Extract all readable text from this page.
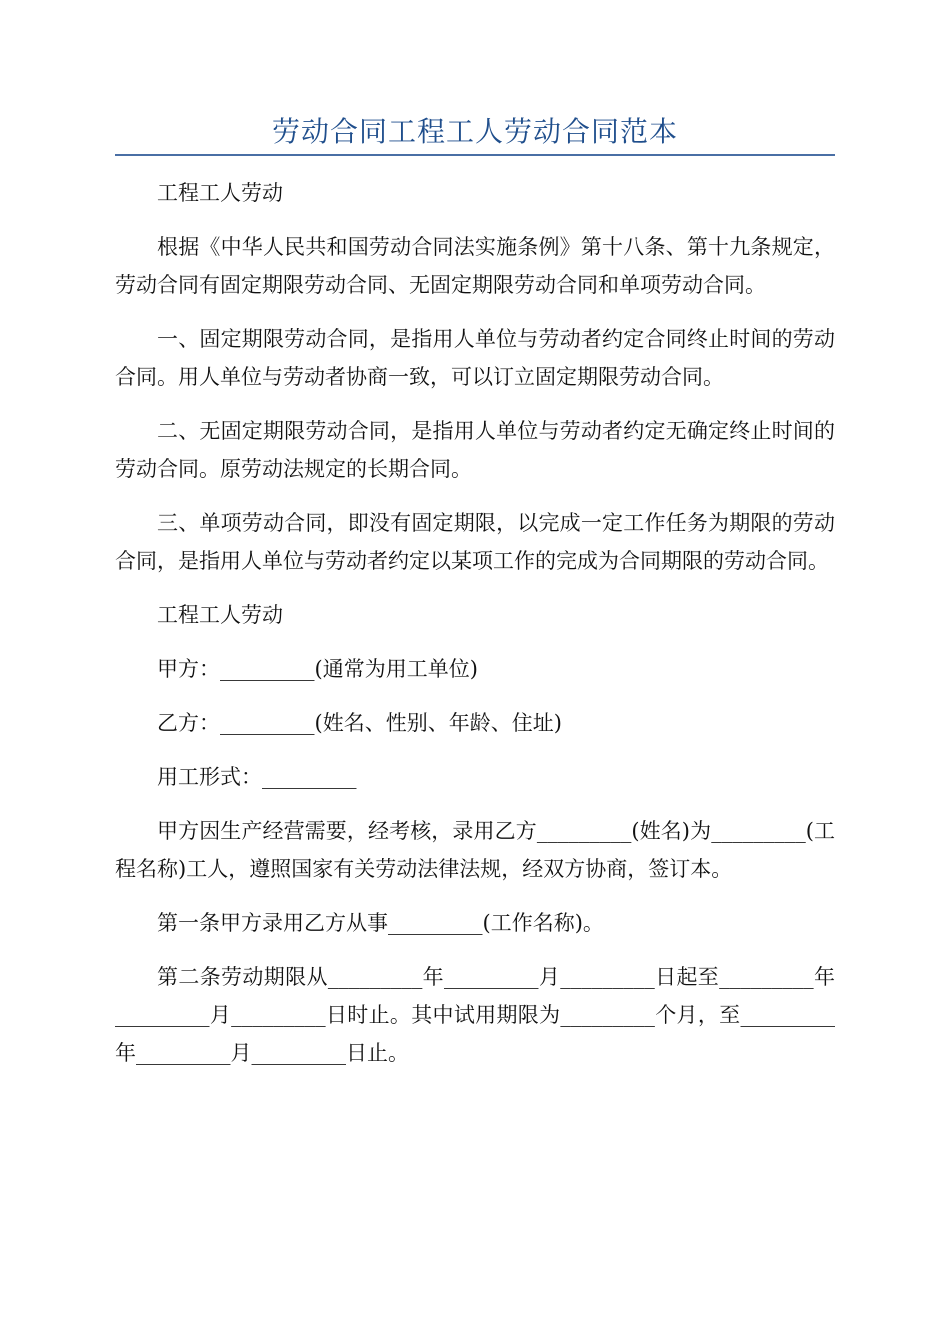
劳动合同工程工人劳动合同范本

工程工人劳动

根据《中华人民共和国劳动合同法实施条例》第十八条、第十九条规定，劳动合同有固定期限劳动合同、无固定期限劳动合同和单项劳动合同。

一、固定期限劳动合同，是指用人单位与劳动者约定合同终止时间的劳动合同。用人单位与劳动者协商一致，可以订立固定期限劳动合同。

二、无固定期限劳动合同，是指用人单位与劳动者约定无确定终止时间的劳动合同。原劳动法规定的长期合同。

三、单项劳动合同，即没有固定期限，以完成一定工作任务为期限的劳动合同，是指用人单位与劳动者约定以某项工作的完成为合同期限的劳动合同。

工程工人劳动

甲方：_________(通常为用工单位)

乙方：_________(姓名、性别、年龄、住址)

用工形式：_________

甲方因生产经营需要，经考核，录用乙方_________(姓名)为_________(工程名称)工人，遵照国家有关劳动法律法规，经双方协商，签订本。

第一条甲方录用乙方从事_________(工作名称)。

第二条劳动期限从_________年_________月_________日起至_________年_________月_________日时止。其中试用期限为_________个月，至_________年_________月_________日止。
